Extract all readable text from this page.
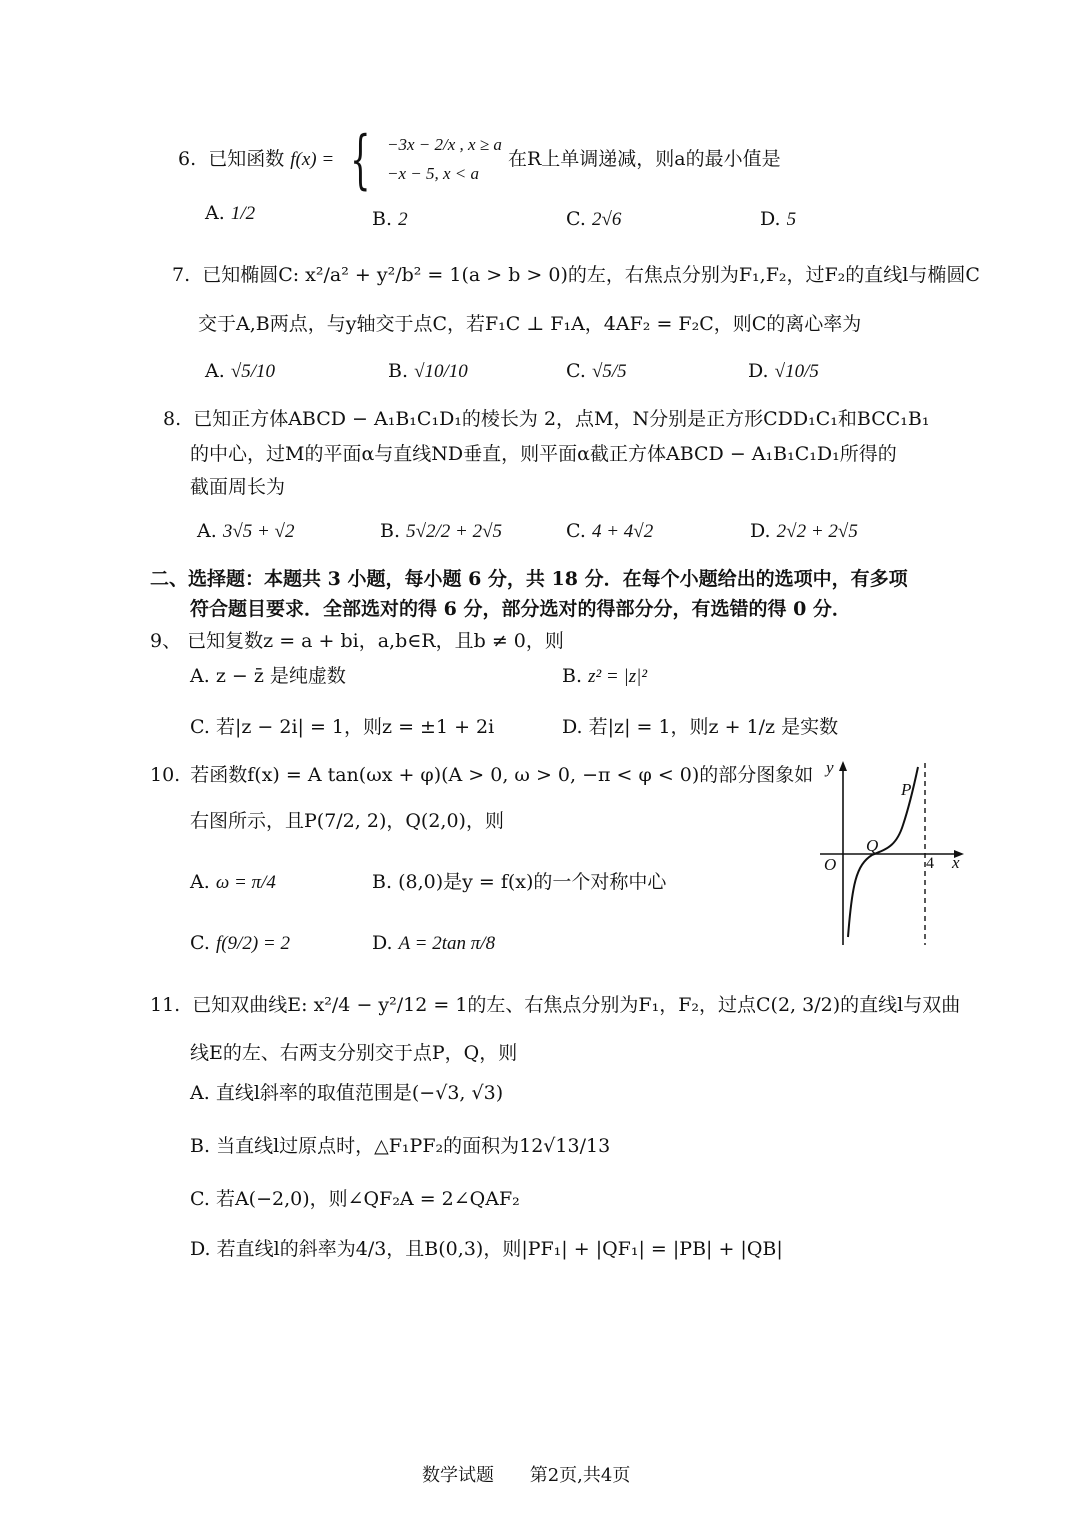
6. 已知函数 f(x) = { −3x − 2/x , x ≥ a
−x − 5, x < a
在R上单调递减，则a的最小值是
A. 1/2	B. 2	C. 2√6	D. 5
7. 已知椭圆C: x²/a² + y²/b² = 1(a > b > 0)的左，右焦点分别为F₁,F₂，过F₂的直线l与椭圆C
交于A,B两点，与y轴交于点C，若F₁C ⊥ F₁A，4AF₂ = F₂C，则C的离心率为
A. √5/10	B. √10/10	C. √5/5	D. √10/5
8. 已知正方体ABCD − A₁B₁C₁D₁的棱长为 2，点M，N分别是正方形CDD₁C₁和BCC₁B₁
的中心，过M的平面α与直线ND垂直，则平面α截正方体ABCD − A₁B₁C₁D₁所得的
截面周长为
A. 3√5 + √2	B. 5√2/2 + 2√5	C. 4 + 4√2	D. 2√2 + 2√5
二、选择题：本题共 3 小题，每小题 6 分，共 18 分．在每个小题给出的选项中，有多项
符合题目要求．全部选对的得 6 分，部分选对的得部分分，有选错的得 0 分．
9、 已知复数z = a + bi，a,b∈R，且b ≠ 0，则
A. z − z̄ 是纯虚数	B. z² = |z|²
C. 若|z − 2i| = 1，则z = ±1 + 2i	D. 若|z| = 1，则z + 1/z 是实数
10. 若函数f(x) = A tan(ωx + φ)(A > 0, ω > 0, −π < φ < 0)的部分图象如
右图所示，且P(7/2, 2)，Q(2,0)，则
A. ω = π/4	B. (8,0)是y = f(x)的一个对称中心
C. f(9/2) = 2	D. A = 2tan π/8
y
x
O
Q
P
4
11. 已知双曲线E: x²/4 − y²/12 = 1的左、右焦点分别为F₁，F₂，过点C(2, 3/2)的直线l与双曲
线E的左、右两支分别交于点P，Q，则
A. 直线l斜率的取值范围是(−√3, √3)
B. 当直线l过原点时，△F₁PF₂的面积为12√13/13
C. 若A(−2,0)，则∠QF₂A = 2∠QAF₂
D. 若直线l的斜率为4/3，且B(0,3)，则|PF₁| + |QF₁| = |PB| + |QB|
数学试题 第2页,共4页
